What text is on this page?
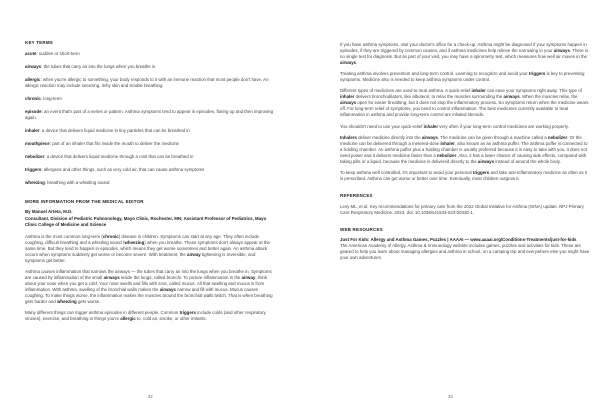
KEY TERMS

acute: sudden or short-term

airways: the tubes that carry air into the lungs when you breathe in

allergic: when you're allergic to something, your body responds to it with an immune reaction that most people don't have. An allergic reaction may include sneezing, itchy skin and trouble breathing.

chronic: long-term

episode: an event that's part of a series or pattern. Asthma symptoms tend to appear in episodes, flaring up and then improving again.

inhaler: a device that delivers liquid medicine in tiny particles that can be breathed in

mouthpiece: part of an inhaler that fits inside the mouth to deliver the medicine

nebulizer: a device that delivers liquid medicine through a mist that can be breathed in

triggers: allergens and other things, such as very cold air, that can cause asthma symptoms

wheezing: breathing with a whistling sound

MORE INFORMATION FROM THE MEDICAL EDITOR

By Manuel Arteta, M.D.

Consultant, Division of Pediatric Pulmonology, Mayo Clinic, Rochester, MN; Assistant Professor of Pediatrics, Mayo Clinic College of Medicine and Science

Asthma is the most common long-term (chronic) disease in children. Symptoms can start at any age. They often include coughing, difficult breathing and a whistling sound (wheezing) when you breathe. These symptoms don't always appear at the same time. But they tend to happen in episodes, which means they get worse sometimes and better again. An asthma attack occurs when symptoms suddenly get worse or become severe. With treatment, the airway tightening is reversible, and symptoms get better.

Asthma causes inflammation that narrows the airways — the tubes that carry air into the lungs when you breathe in. Symptoms are caused by inflammation of the small airways inside the lungs, called bronchi. To picture inflammation in the airway, think about your nose when you get a cold. Your nose swells and fills with snot, called mucus. All that swelling and mucus is from inflammation. With asthma, swelling of the bronchial walls makes the airways narrow and fill with mucus. Mucus causes coughing. To make things worse, the inflammation makes the muscles around the bronchial walls twitch. That is when breathing gets harder and wheezing gets worse.

Many different things can trigger asthma episodes in different people. Common triggers include colds (and other respiratory viruses), exercise, and breathing in things you're allergic to, cold air, smoke, or other irritants.

32

If you have asthma symptoms, visit your doctor's office for a check-up. Asthma might be diagnosed if your symptoms happen in episodes, if they are triggered by common causes, and if asthma medicines help relieve the narrowing in your airways. There is no single test for diagnosis. But as part of your visit, you may have a spirometry test, which measures how well air moves in the airways.

Treating asthma involves prevention and long-term control. Learning to recognize and avoid your triggers is key to preventing symptoms. Medicine also is needed to keep asthma symptoms under control.

Different types of medicines are used to treat asthma. A quick-relief inhaler can ease your symptoms right away. This type of inhaler delivers bronchodilators, like albuterol, to relax the muscles surrounding the airways. When the muscles relax, the airways open for easier breathing, but it does not stop the inflammatory process. So symptoms return when the medicine wears off. For long-term relief of symptoms, you need to control inflammation. The best medicines currently available to treat inflammation in asthma and provide long-term control are inhaled steroids.

You shouldn't need to use your quick-relief inhaler very often if your long-term control medicines are working properly.

Inhalers deliver medicine directly into the airways. The medicine can be given through a machine called a nebulizer. Or the medicine can be delivered through a metered-dose inhaler, also known as an asthma puffer. The asthma puffer is connected to a holding chamber. An asthma puffer plus a holding chamber is usually preferred because it is easy to take with you, it does not need power and it delivers medicine faster than a nebulizer. Also, it has a lower chance of causing side effects, compared with taking pills or a liquid, because the medicine is delivered directly to the airways instead of around the whole body.

To keep asthma well controlled, it's important to avoid your personal triggers and take anti-inflammatory medicine as often as it is prescribed. Asthma can get worse or better over time. Eventually, most children outgrow it.

REFERENCES

Levy ML, et al. Key recommendations for primary care from the 2022 Global Initiative for Asthma (GINA) update. NPJ Primary Care Respiratory Medicine. 2023. doi: 10.1038/s41533-023-00330-1.

WEB RESOURCES

Just For Kids: Allergy and Asthma Games, Puzzles | AAAAI — www.aaaai.org/Conditions-Treatments/just-for-kids

The American Academy of Allergy, Asthma & Immunology website includes games, puzzles and activities for kids. These are geared to help you learn about managing allergies and asthma in school, on a camping trip and everywhere else you might have your own adventures.

33
